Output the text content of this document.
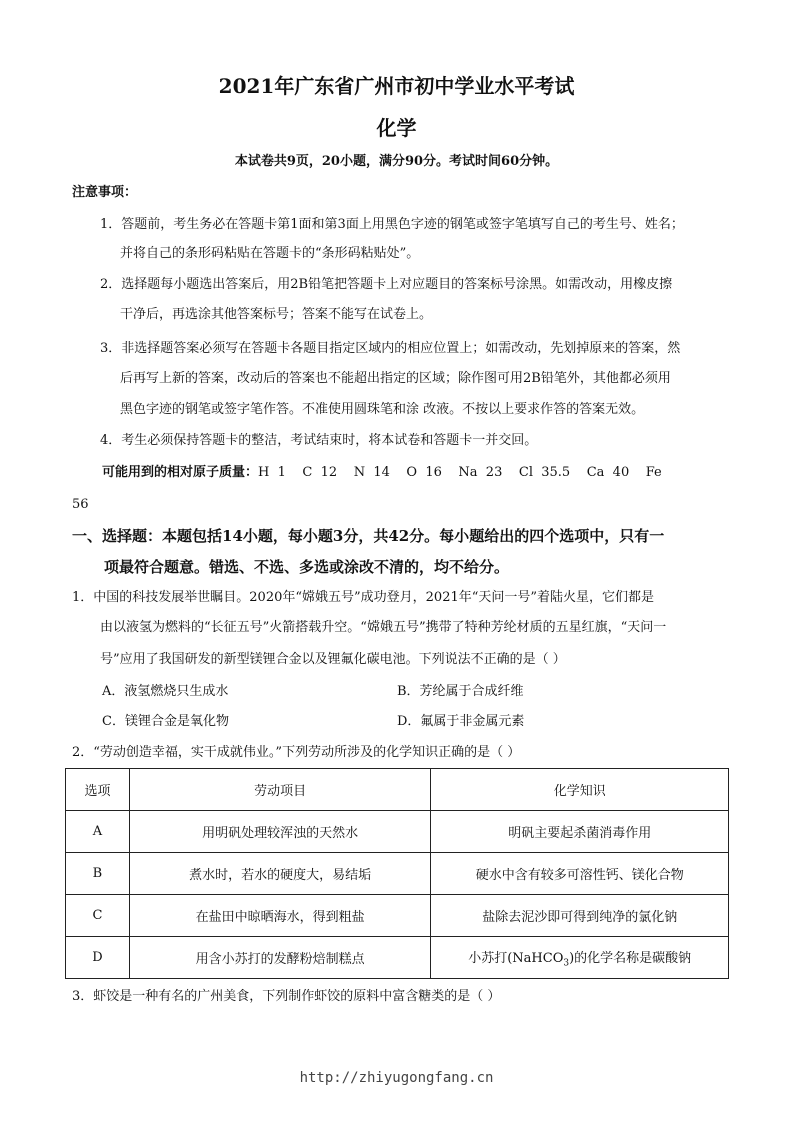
2021年广东省广州市初中学业水平考试
化学
本试卷共9页，20小题，满分90分。考试时间60分钟。
注意事项：
1．答题前，考生务必在答题卡第1面和第3面上用黑色字迹的钢笔或签字笔填写自己的考生号、姓名；
并将自己的条形码粘贴在答题卡的“条形码粘贴处”。
2．选择题每小题选出答案后，用2B铅笔把答题卡上对应题目的答案标号涂黑。如需改动，用橡皮擦
干净后，再选涂其他答案标号；答案不能写在试卷上。
3．非选择题答案必须写在答题卡各题目指定区域内的相应位置上；如需改动，先划掉原来的答案，然
后再写上新的答案，改动后的答案也不能超出指定的区域；除作图可用2B铅笔外，其他都必须用
黑色字迹的钢笔或签字笔作答。不准使用圆珠笔和涂 改液。不按以上要求作答的答案无效。
4．考生必须保持答题卡的整洁，考试结束时，将本试卷和答题卡一并交回。
可能用到的相对原子质量：H  1    C  12    N  14    O  16    Na  23    Cl  35.5    Ca  40    Fe
56
一、选择题：本题包括14小题，每小题3分，共42分。每小题给出的四个选项中，只有一
项最符合题意。错选、不选、多选或涂改不清的，均不给分。
1．中国的科技发展举世瞩目。2020年“嫦娥五号”成功登月，2021年“天问一号”着陆火星，它们都是
由以液氢为燃料的“长征五号”火箭搭载升空。“嫦娥五号”携带了特种芳纶材质的五星红旗，“天问一
号”应用了我国研发的新型镁锂合金以及锂氟化碳电池。下列说法不正确的是（ ）
A．液氢燃烧只生成水	B．芳纶属于合成纤维
C．镁锂合金是氧化物	D．氟属于非金属元素
2．“劳动创造幸福，实干成就伟业。”下列劳动所涉及的化学知识正确的是（ ）
选项	劳动项目	化学知识
A	用明矾处理较浑浊的天然水	明矾主要起杀菌消毒作用
B	煮水时，若水的硬度大，易结垢	硬水中含有较多可溶性钙、镁化合物
C	在盐田中晾晒海水，得到粗盐	盐除去泥沙即可得到纯净的氯化钠
D	用含小苏打的发酵粉焙制糕点	小苏打(NaHCO$_3$)的化学名称是碳酸钠
3．虾饺是一种有名的广州美食，下列制作虾饺的原料中富含糖类的是（ ）
http://zhiyugongfang.cn
